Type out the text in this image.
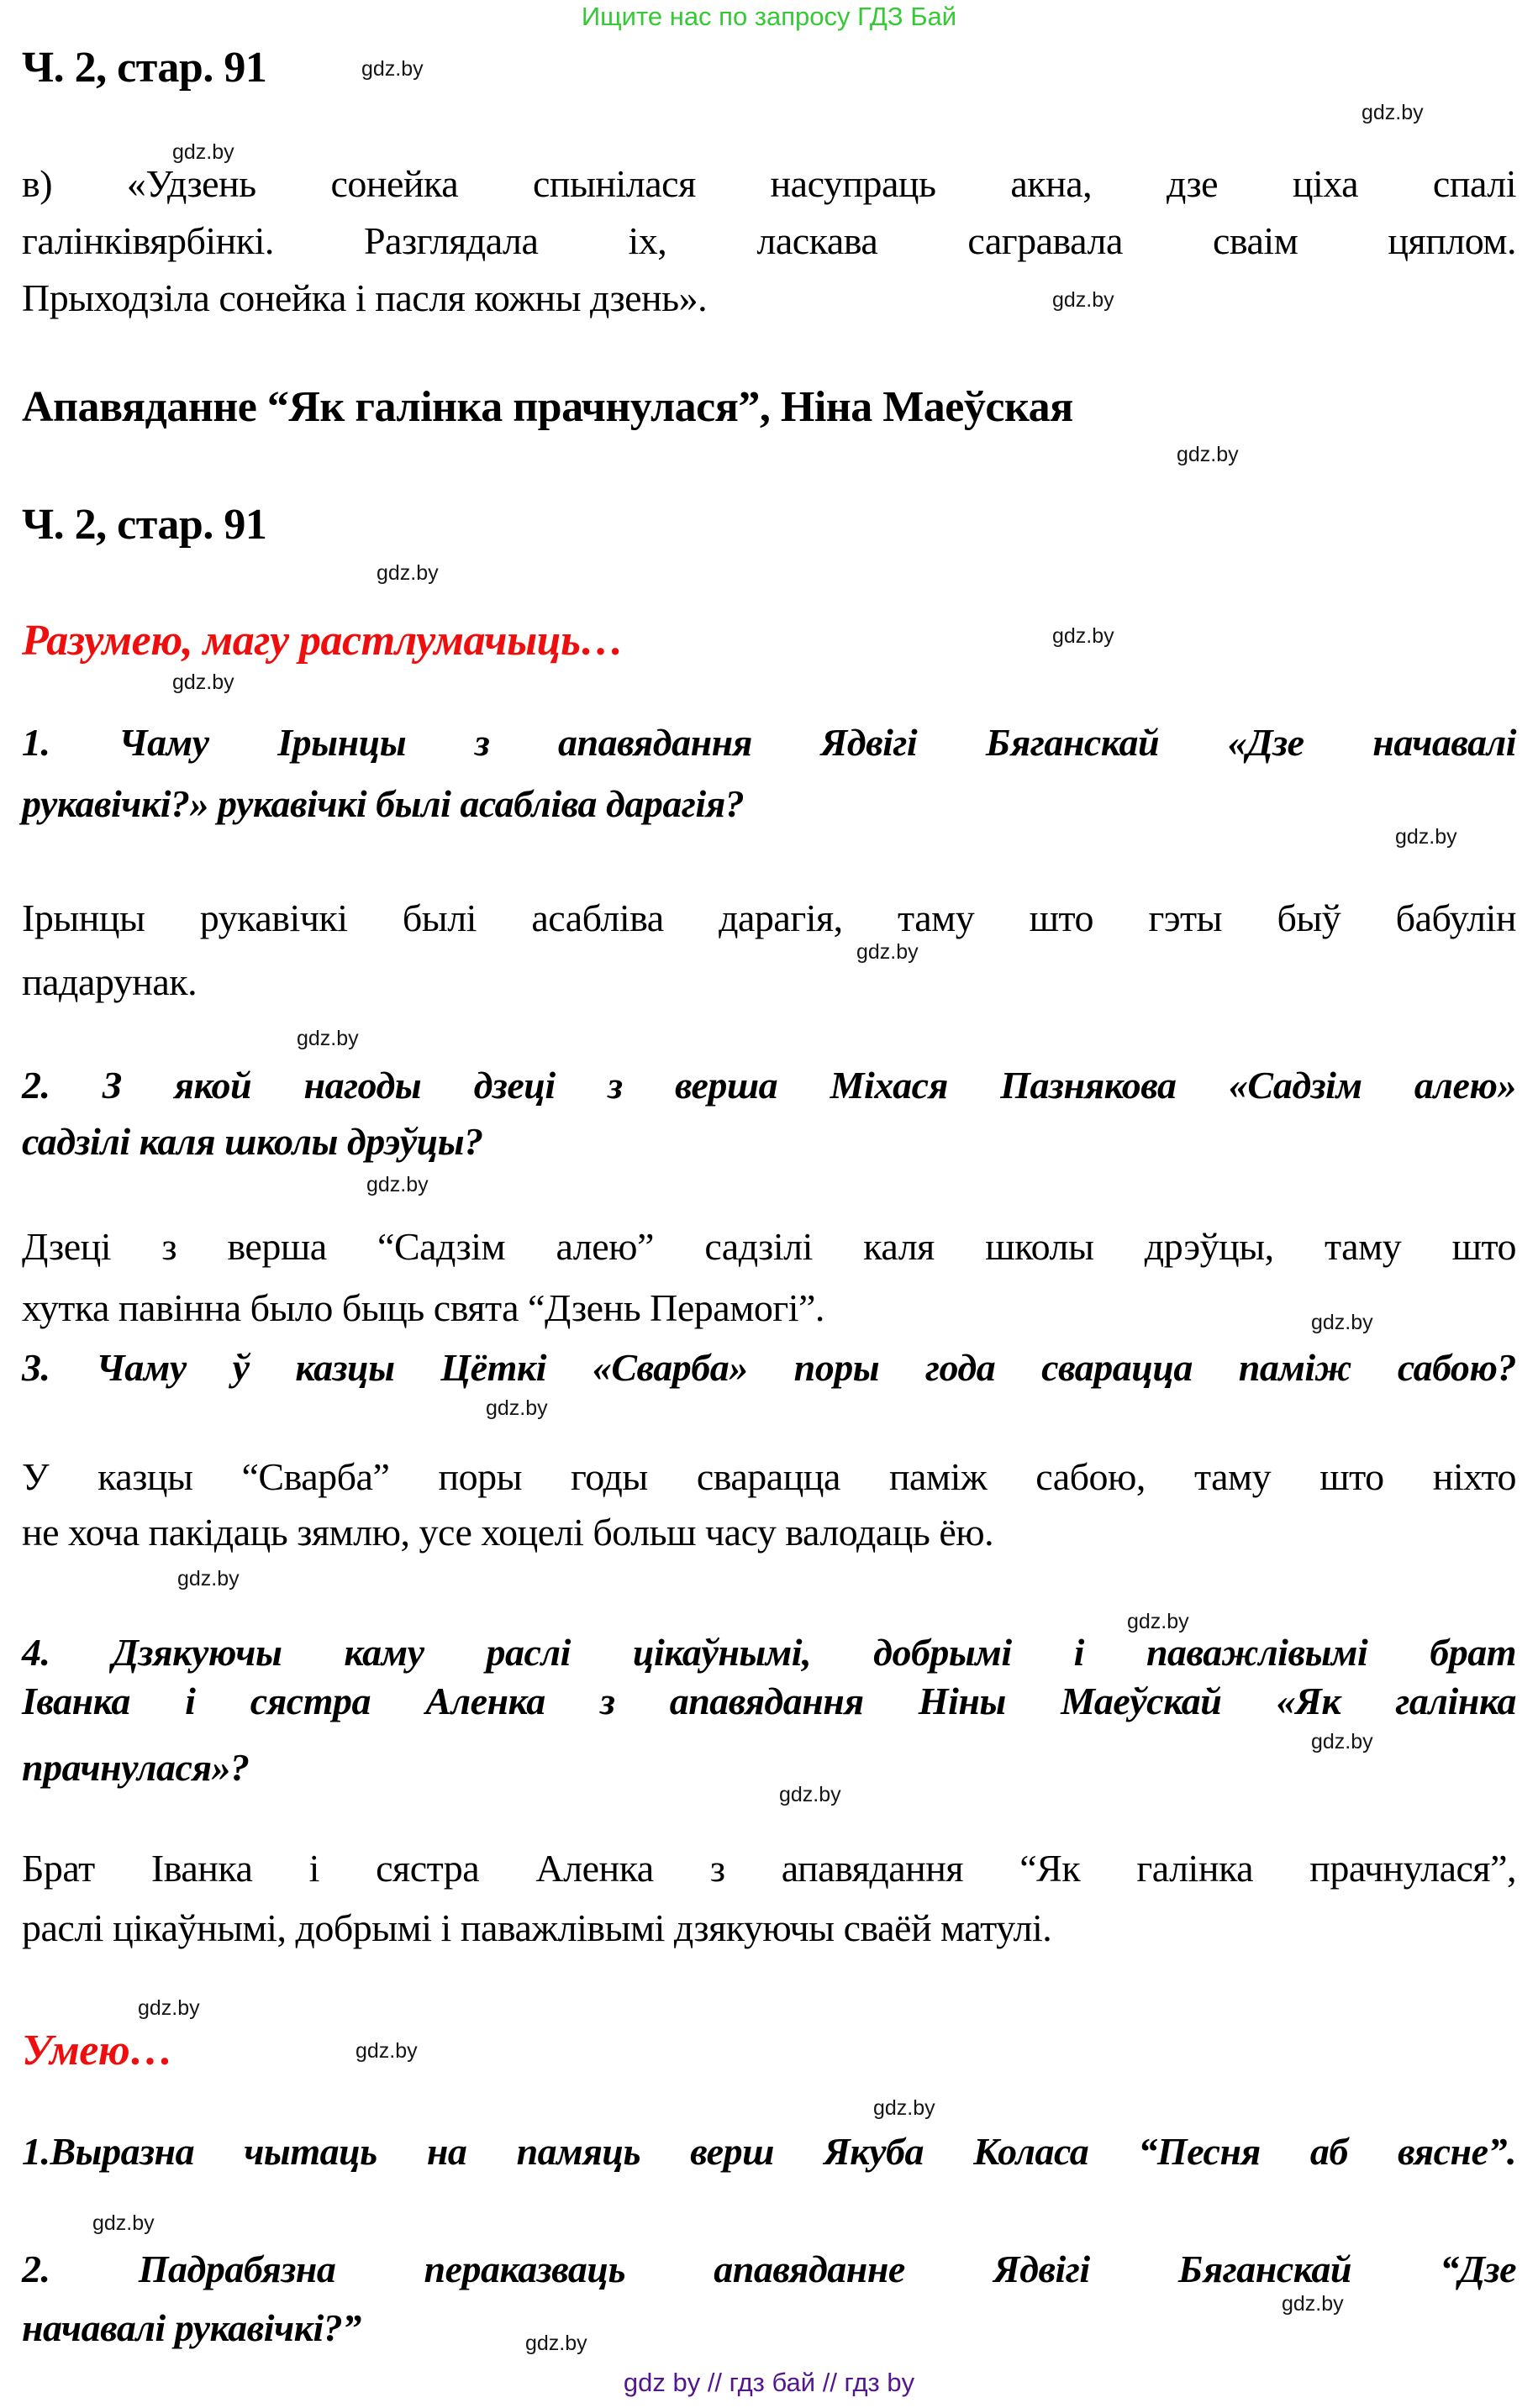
Ищите нас по запросу ГДЗ Бай
Ч. 2, стар. 91	gdz.by
gdz.by
gdz.by
в) «Удзень сонейка спынілася насупраць акна, дзе ціха спалі
галінківярбінкі. Разглядала іх, ласкава сагравала сваім цяплом.
Прыходзіла сонейка і пасля кожны дзень».	gdz.by
Апавяданне “Як галінка прачнулася”, Ніна Маеўская
gdz.by
Ч. 2, стар. 91
gdz.by
Разумею, магу растлумачыць…	gdz.by
gdz.by
1. Чаму Ірынцы з апавядання Ядвігі Бяганскай «Дзе начавалі
рукавічкі?» рукавічкі былі асабліва дарагія?
gdz.by
Ірынцы рукавічкі былі асабліва дарагія, таму што гэты быў бабулін
gdz.by
падарунак.
gdz.by
2. З якой нагоды дзеці з верша Міхася Пазнякова «Садзім алею»
садзілі каля школы дрэўцы?
gdz.by
Дзеці з верша “Садзім алею” садзілі каля школы дрэўцы, таму што
хутка павінна было быць свята “Дзень Перамогі”.	gdz.by
3. Чаму ў казцы Цёткі «Сварба» поры года сварацца паміж сабою?
gdz.by
У казцы “Сварба” поры годы сварацца паміж сабою, таму што ніхто
не хоча пакідаць зямлю, усе хоцелі больш часу валодаць ёю.
gdz.by
gdz.by
4. Дзякуючы каму раслі цікаўнымі, добрымі і паважлівымі брат
Іванка і сястра Аленка з апавядання Ніны Маеўскай «Як галінка
gdz.by
прачнулася»?
gdz.by
Брат Іванка і сястра Аленка з апавядання “Як галінка прачнулася”,
раслі цікаўнымі, добрымі і паважлівымі дзякуючы сваёй матулі.
gdz.by
Умею…	gdz.by
gdz.by
1.Выразна чытаць на памяць верш Якуба Коласа “Песня аб вясне”.
gdz.by
2. Падрабязна пераказваць апавяданне Ядвігі Бяганскай “Дзе
gdz.by
начавалі рукавічкі?”	gdz.by
gdz by // гдз бай // гдз by
